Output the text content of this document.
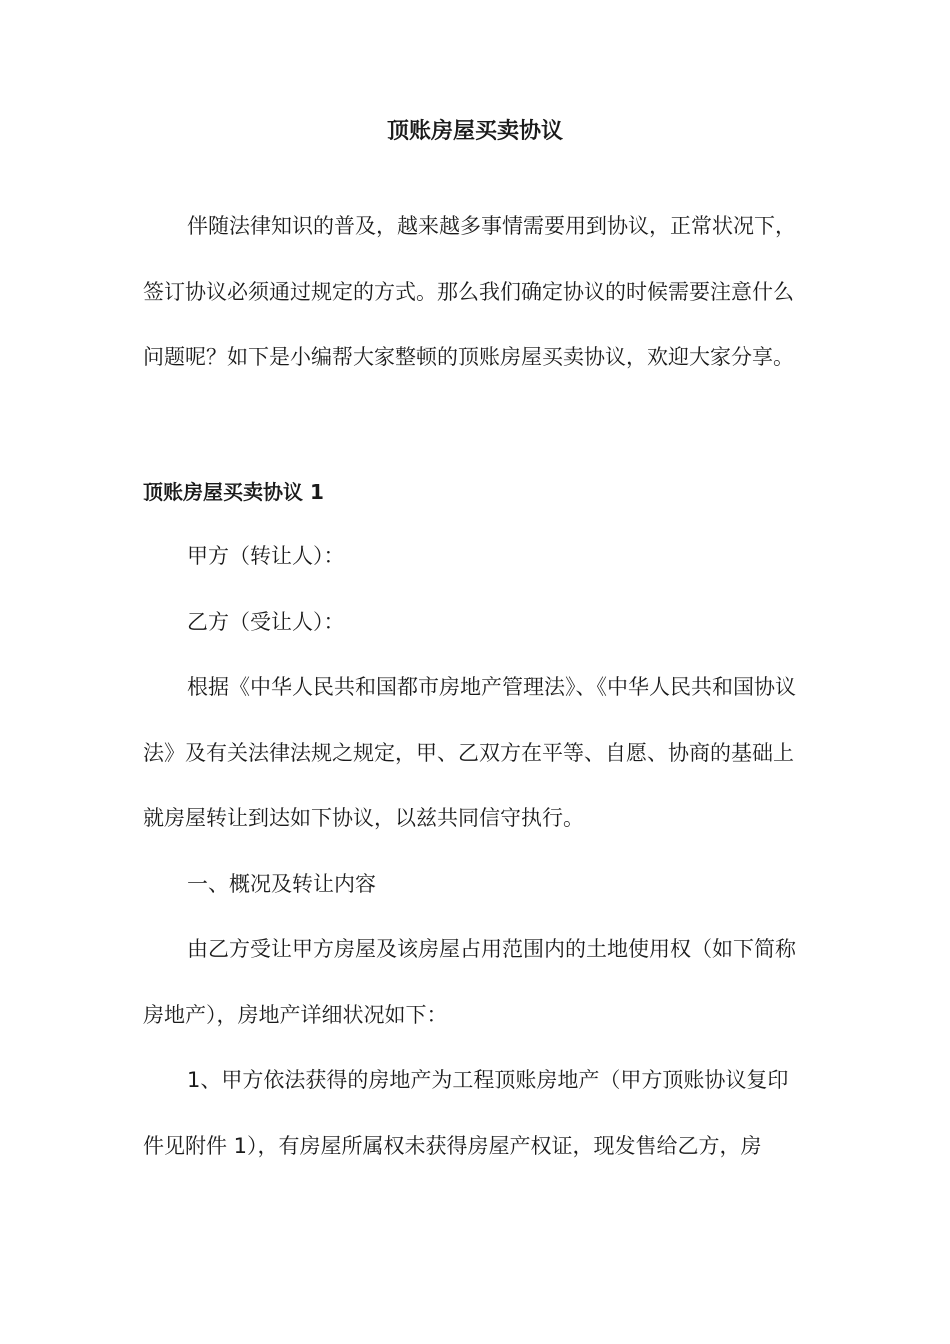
顶账房屋买卖协议

伴随法律知识的普及，越来越多事情需要用到协议，正常状况下，签订协议必须通过规定的方式。那么我们确定协议的时候需要注意什么问题呢？如下是小编帮大家整顿的顶账房屋买卖协议，欢迎大家分享。

顶账房屋买卖协议 1

甲方（转让人）：

乙方（受让人）：

根据《中华人民共和国都市房地产管理法》、《中华人民共和国协议法》及有关法律法规之规定，甲、乙双方在平等、自愿、协商的基础上就房屋转让到达如下协议，以兹共同信守执行。

一、概况及转让内容

由乙方受让甲方房屋及该房屋占用范围内的土地使用权（如下简称房地产），房地产详细状况如下：

1、甲方依法获得的房地产为工程顶账房地产（甲方顶账协议复印件见附件 1），有房屋所属权未获得房屋产权证，现发售给乙方，房
